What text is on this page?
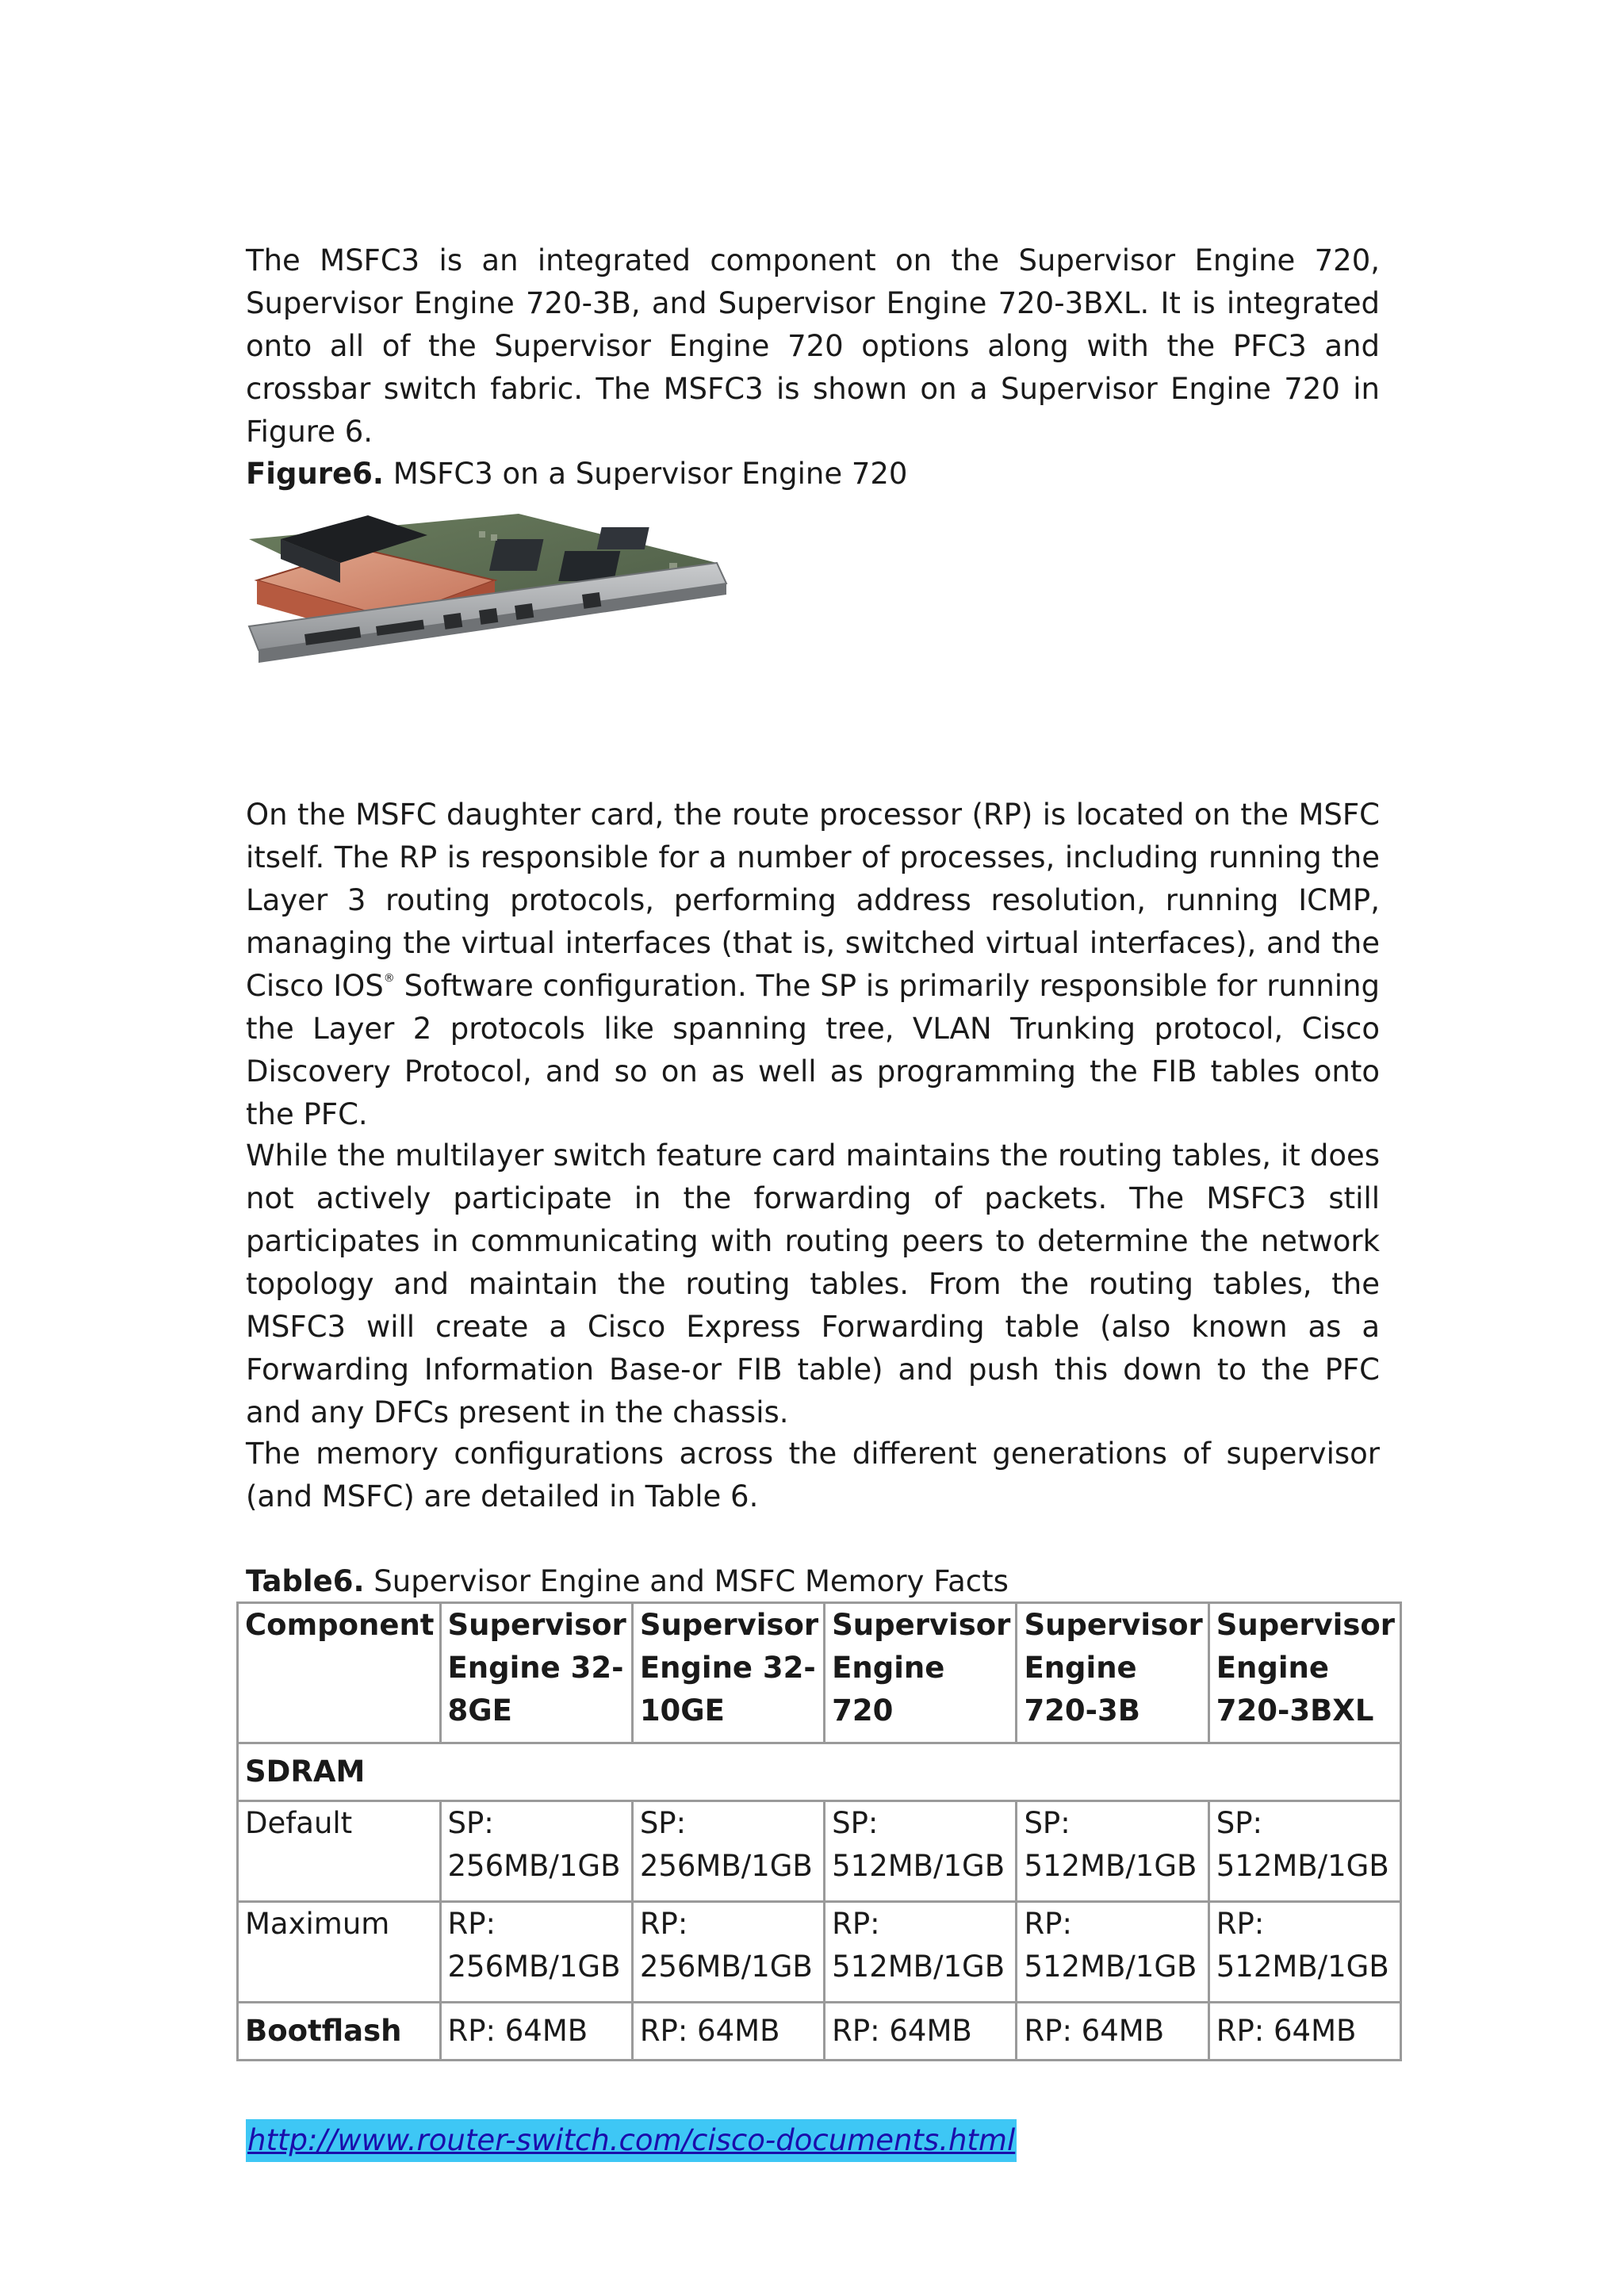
The MSFC3 is an integrated component on the Supervisor Engine 720, Supervisor Engine 720-3B, and Supervisor Engine 720-3BXL. It is integrated onto all of the Supervisor Engine 720 options along with the PFC3 and crossbar switch fabric. The MSFC3 is shown on a Supervisor Engine 720 in Figure 6.

Figure6. MSFC3 on a Supervisor Engine 720

On the MSFC daughter card, the route processor (RP) is located on the MSFC itself. The RP is responsible for a number of processes, including running the Layer 3 routing protocols, performing address resolution, running ICMP, managing the virtual interfaces (that is, switched virtual interfaces), and the Cisco IOS® Software configuration. The SP is primarily responsible for running the Layer 2 protocols like spanning tree, VLAN Trunking protocol, Cisco Discovery Protocol, and so on as well as programming the FIB tables onto the PFC.

While the multilayer switch feature card maintains the routing tables, it does not actively participate in the forwarding of packets. The MSFC3 still participates in communicating with routing peers to determine the network topology and maintain the routing tables. From the routing tables, the MSFC3 will create a Cisco Express Forwarding table (also known as a Forwarding Information Base-or FIB table) and push this down to the PFC and any DFCs present in the chassis.

The memory configurations across the different generations of supervisor (and MSFC) are detailed in Table 6.

Table6. Supervisor Engine and MSFC Memory Facts

Component	Supervisor Engine 32-8GE	Supervisor Engine 32-10GE	Supervisor Engine 720	Supervisor Engine 720-3B	Supervisor Engine 720-3BXL
SDRAM					
Default	SP: 256MB/1GB	SP: 256MB/1GB	SP: 512MB/1GB	SP: 512MB/1GB	SP: 512MB/1GB
Maximum	RP: 256MB/1GB	RP: 256MB/1GB	RP: 512MB/1GB	RP: 512MB/1GB	RP: 512MB/1GB
Bootflash	RP: 64MB	RP: 64MB	RP: 64MB	RP: 64MB	RP: 64MB
http://www.router-switch.com/cisco-documents.html
